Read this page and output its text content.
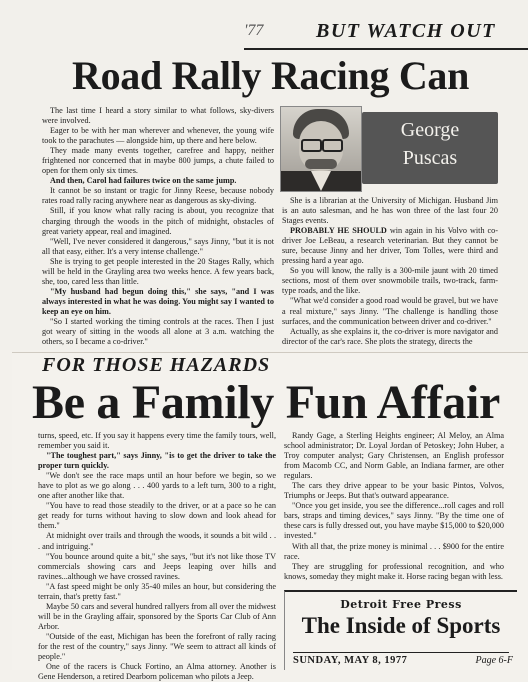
'77	BUT WATCH OUT
Road Rally Racing Can

The last time I heard a story similar to what follows, sky-divers were involved.

Eager to be with her man wherever and whenever, the young wife took to the parachutes — alongside him, up there and here below.

They made many events together, carefree and happy, neither frightened nor concerned that in maybe 800 jumps, a chute failed to open for them only six times.

And then, Carol had failures twice on the same jump.

It cannot be so instant or tragic for Jinny Reese, because nobody rates road rally racing anywhere near as dangerous as sky-diving.

Still, if you know what rally racing is about, you recognize that charging through the woods in the pitch of midnight, obstacles of great variety appear, real and imagined.

"Well, I've never considered it dangerous," says Jinny, "but it is not all that easy, either. It's a very intense challenge."

She is trying to get people interested in the 20 Stages Rally, which will be held in the Grayling area two weeks hence. A few years back, she, too, cared less than little.

"My husband had begun doing this," she says, "and I was always interested in what he was doing. You might say I wanted to keep an eye on him.

"So I started working the timing controls at the races. Then I just got weary of sitting in the woods all alone at 3 a.m. watching the others, so I became a co-driver."

George
Puscas

She is a librarian at the University of Michigan. Husband Jim is an auto salesman, and he has won three of the last four 20 Stages events.

PROBABLY HE SHOULD win again in his Volvo with co-driver Joe LeBeau, a research veterinarian. But they cannot be sure, because Jinny and her driver, Tom Tolles, were third and pressing hard a year ago.

So you will know, the rally is a 300-mile jaunt with 20 timed sections, most of them over snowmobile trails, two-track, farm-type roads, and the like.

"What we'd consider a good road would be gravel, but we have a real mixture," says Jinny. "The challenge is handling those surfaces, and the communication between driver and co-driver."

Actually, as she explains it, the co-driver is more navigator and director of the car's race. She plots the strategy, directs the

FOR THOSE HAZARDS
Be a Family Fun Affair

turns, speed, etc. If you say it happens every time the family tours, well, remember you said it.

"The toughest part," says Jinny, "is to get the driver to take the proper turn quickly.

"We don't see the race maps until an hour before we begin, so we have to plot as we go along . . . 400 yards to a left turn, 300 to a right, one after another like that.

"You have to read those steadily to the driver, or at a pace so he can get ready for turns without having to slow down and look ahead for them."

At midnight over trails and through the woods, it sounds a bit wild . . . and intriguing."

"You bounce around quite a bit," she says, "but it's not like those TV commercials showing cars and Jeeps leaping over hills and ravines...although we have crossed ravines.

"A fast speed might be only 35-40 miles an hour, but considering the terrain, that's pretty fast."

Maybe 50 cars and several hundred rallyers from all over the midwest will be in the Grayling affair, sponsored by the Sports Car Club of Ann Arbor.

"Outside of the east, Michigan has been the forefront of rally racing for the rest of the country," says Jinny. "We seem to attract all kinds of people."

One of the racers is Chuck Fortino, an Alma attorney. Another is Gene Henderson, a retired Dearborn policeman who pilots a Jeep.

Randy Gage, a Sterling Heights engineer; Al Meloy, an Alma school administrator; Dr. Loyal Jordan of Petoskey; John Huber, a Troy computer analyst; Gary Christensen, an English professor from Macomb CC, and Norm Gable, an Indiana farmer, are other regulars.

The cars they drive appear to be your basic Pintos, Volvos, Triumphs or Jeeps. But that's outward appearance.

"Once you get inside, you see the difference...roll cages and roll bars, straps and timing devices," says Jinny. "By the time one of these cars is fully dressed out, you have maybe $15,000 to $20,000 invested."

With all that, the prize money is minimal . . . $900 for the entire race.

They are struggling for professional recognition, and who knows, someday they might make it. Horse racing began with less.

Detroit Free Press
The Inside of Sports
SUNDAY, MAY 8, 1977	Page 6-F
